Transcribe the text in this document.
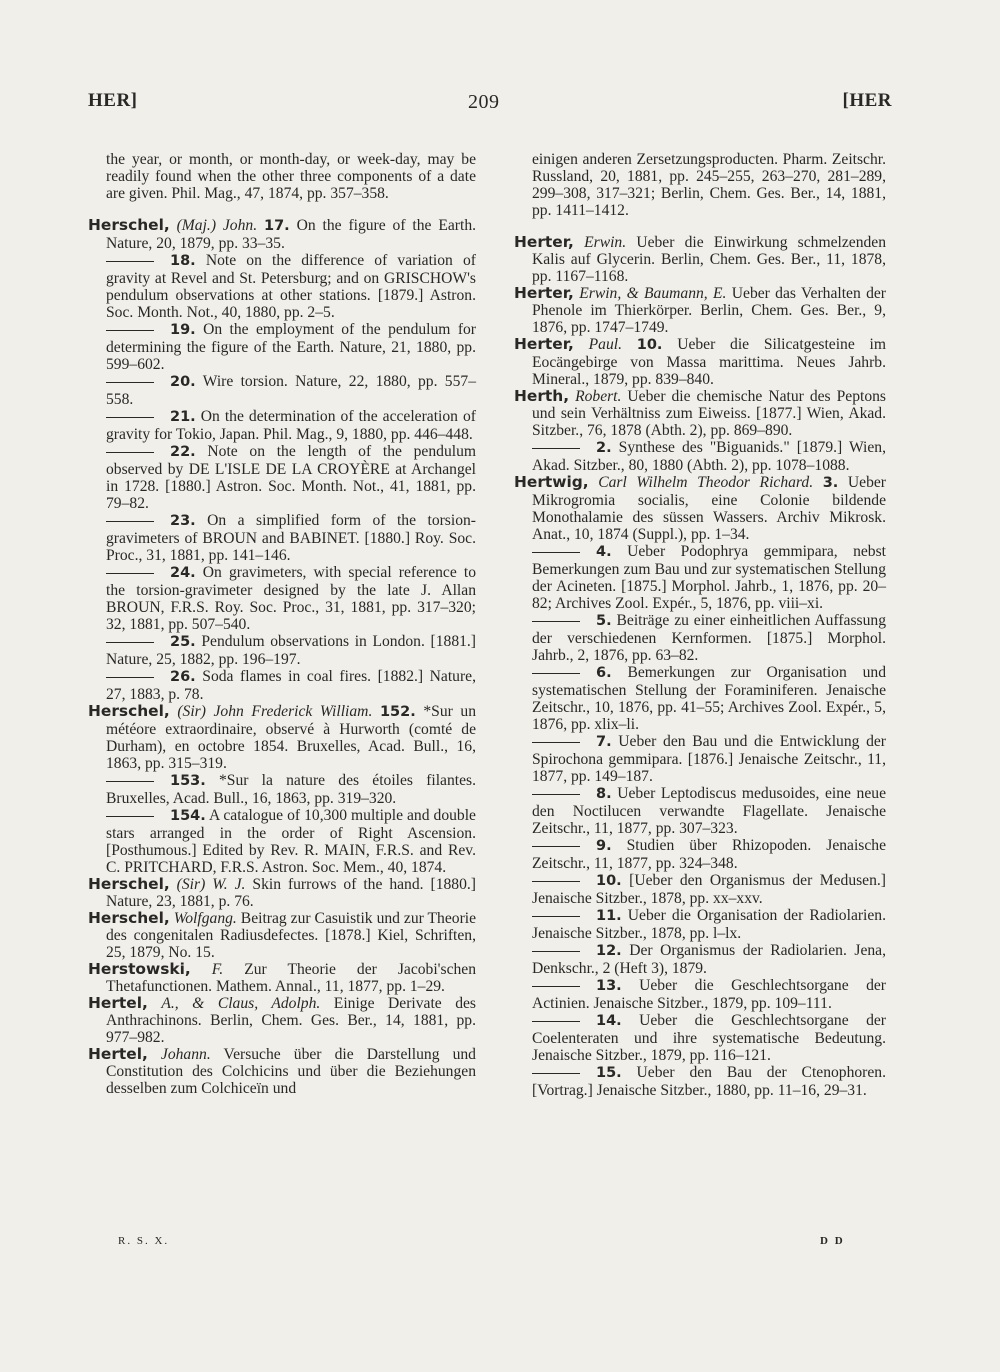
HER]	209	[HER

the year, or month, or month-day, or week-day, may be readily found when the other three components of a date are given. Phil. Mag., 47, 1874, pp. 357–358.

Herschel, (Maj.) John. 17. On the figure of the Earth. Nature, 20, 1879, pp. 33–35.

18. Note on the difference of variation of gravity at Revel and St. Petersburg; and on GRISCHOW's pendulum observations at other stations. [1879.] Astron. Soc. Month. Not., 40, 1880, pp. 2–5.

19. On the employment of the pendulum for determining the figure of the Earth. Nature, 21, 1880, pp. 599–602.

20. Wire torsion. Nature, 22, 1880, pp. 557–558.

21. On the determination of the acceleration of gravity for Tokio, Japan. Phil. Mag., 9, 1880, pp. 446–448.

22. Note on the length of the pendulum observed by DE L'ISLE DE LA CROYÈRE at Archangel in 1728. [1880.] Astron. Soc. Month. Not., 41, 1881, pp. 79–82.

23. On a simplified form of the torsion-gravimeters of BROUN and BABINET. [1880.] Roy. Soc. Proc., 31, 1881, pp. 141–146.

24. On gravimeters, with special reference to the torsion-gravimeter designed by the late J. Allan BROUN, F.R.S. Roy. Soc. Proc., 31, 1881, pp. 317–320; 32, 1881, pp. 507–540.

25. Pendulum observations in London. [1881.] Nature, 25, 1882, pp. 196–197.

26. Soda flames in coal fires. [1882.] Nature, 27, 1883, p. 78.

Herschel, (Sir) John Frederick William. 152. *Sur un météore extraordinaire, observé à Hurworth (comté de Durham), en octobre 1854. Bruxelles, Acad. Bull., 16, 1863, pp. 315–319.

153. *Sur la nature des étoiles filantes. Bruxelles, Acad. Bull., 16, 1863, pp. 319–320.

154. A catalogue of 10,300 multiple and double stars arranged in the order of Right Ascension. [Posthumous.] Edited by Rev. R. MAIN, F.R.S. and Rev. C. PRITCHARD, F.R.S. Astron. Soc. Mem., 40, 1874.

Herschel, (Sir) W. J. Skin furrows of the hand. [1880.] Nature, 23, 1881, p. 76.

Herschel, Wolfgang. Beitrag zur Casuistik und zur Theorie des congenitalen Radiusdefectes. [1878.] Kiel, Schriften, 25, 1879, No. 15.

Herstowski, F. Zur Theorie der Jacobi'schen Thetafunctionen. Mathem. Annal., 11, 1877, pp. 1–29.

Hertel, A., & Claus, Adolph. Einige Derivate des Anthrachinons. Berlin, Chem. Ges. Ber., 14, 1881, pp. 977–982.

Hertel, Johann. Versuche über die Darstellung und Constitution des Colchicins und über die Beziehungen desselben zum Colchiceïn und

einigen anderen Zersetzungsproducten. Pharm. Zeitschr. Russland, 20, 1881, pp. 245–255, 263–270, 281–289, 299–308, 317–321; Berlin, Chem. Ges. Ber., 14, 1881, pp. 1411–1412.

Herter, Erwin. Ueber die Einwirkung schmelzenden Kalis auf Glycerin. Berlin, Chem. Ges. Ber., 11, 1878, pp. 1167–1168.

Herter, Erwin, & Baumann, E. Ueber das Verhalten der Phenole im Thierkörper. Berlin, Chem. Ges. Ber., 9, 1876, pp. 1747–1749.

Herter, Paul. 10. Ueber die Silicatgesteine im Eocängebirge von Massa marittima. Neues Jahrb. Mineral., 1879, pp. 839–840.

Herth, Robert. Ueber die chemische Natur des Peptons und sein Verhältniss zum Eiweiss. [1877.] Wien, Akad. Sitzber., 76, 1878 (Abth. 2), pp. 869–890.

2. Synthese des "Biguanids." [1879.] Wien, Akad. Sitzber., 80, 1880 (Abth. 2), pp. 1078–1088.

Hertwig, Carl Wilhelm Theodor Richard. 3. Ueber Mikrogromia socialis, eine Colonie bildende Monothalamie des süssen Wassers. Archiv Mikrosk. Anat., 10, 1874 (Suppl.), pp. 1–34.

4. Ueber Podophrya gemmipara, nebst Bemerkungen zum Bau und zur systematischen Stellung der Acineten. [1875.] Morphol. Jahrb., 1, 1876, pp. 20–82; Archives Zool. Expér., 5, 1876, pp. viii–xi.

5. Beiträge zu einer einheitlichen Auffassung der verschiedenen Kernformen. [1875.] Morphol. Jahrb., 2, 1876, pp. 63–82.

6. Bemerkungen zur Organisation und systematischen Stellung der Foraminiferen. Jenaische Zeitschr., 10, 1876, pp. 41–55; Archives Zool. Expér., 5, 1876, pp. xlix–li.

7. Ueber den Bau und die Entwicklung der Spirochona gemmipara. [1876.] Jenaische Zeitschr., 11, 1877, pp. 149–187.

8. Ueber Leptodiscus medusoides, eine neue den Noctilucen verwandte Flagellate. Jenaische Zeitschr., 11, 1877, pp. 307–323.

9. Studien über Rhizopoden. Jenaische Zeitschr., 11, 1877, pp. 324–348.

10. [Ueber den Organismus der Medusen.] Jenaische Sitzber., 1878, pp. xx–xxv.

11. Ueber die Organisation der Radiolarien. Jenaische Sitzber., 1878, pp. l–lx.

12. Der Organismus der Radiolarien. Jena, Denkschr., 2 (Heft 3), 1879.

13. Ueber die Geschlechtsorgane der Actinien. Jenaische Sitzber., 1879, pp. 109–111.

14. Ueber die Geschlechtsorgane der Coelenteraten und ihre systematische Bedeutung. Jenaische Sitzber., 1879, pp. 116–121.

15. Ueber den Bau der Ctenophoren. [Vortrag.] Jenaische Sitzber., 1880, pp. 11–16, 29–31.

R. S. X.	D D
